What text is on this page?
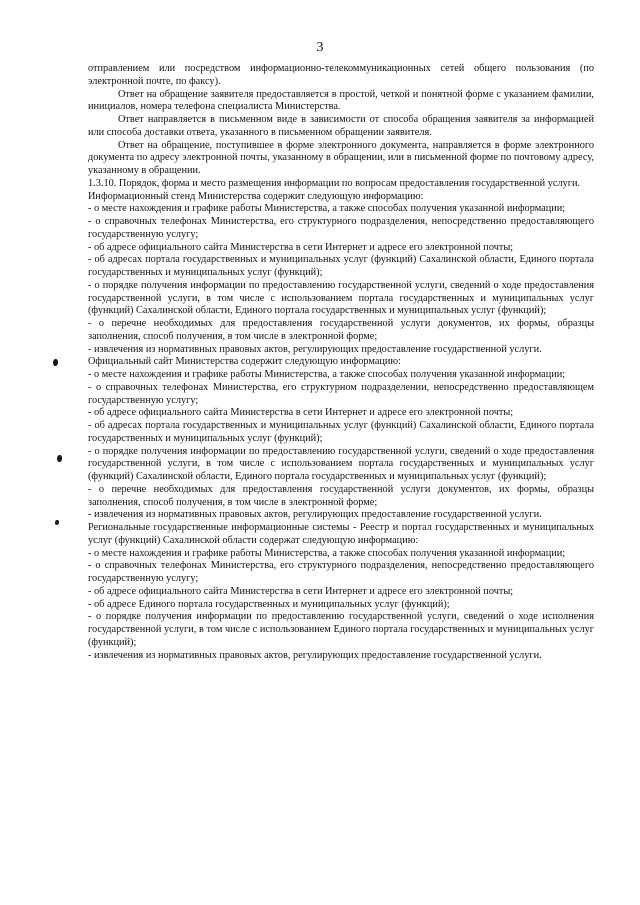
3

отправлением или посредством информационно-телекоммуникационных сетей общего пользования (по электронной почте, по факсу).

Ответ на обращение заявителя предоставляется в простой, четкой и понятной форме с указанием фамилии, инициалов, номера телефона специалиста Министерства.

Ответ направляется в письменном виде в зависимости от способа обращения заявителя за информацией или способа доставки ответа, указанного в письменном обращении заявителя.

Ответ на обращение, поступившее в форме электронного документа, направляется в форме электронного документа по адресу электронной почты, указанному в обращении, или в письменной форме по почтовому адресу, указанному в обращении.

1.3.10. Порядок, форма и место размещения информации по вопросам предоставления государственной услуги.

Информационный стенд Министерства содержит следующую информацию:

- о месте нахождения и графике работы Министерства, а также способах получения указанной информации;

- о справочных телефонах Министерства, его структурного подразделения, непосредственно предоставляющего государственную услугу;

- об адресе официального сайта Министерства в сети Интернет и адресе его электронной почты;

- об адресах портала государственных и муниципальных услуг (функций) Сахалинской области, Единого портала государственных и муниципальных услуг (функций);

- о порядке получения информации по предоставлению государственной услуги, сведений о ходе предоставления государственной услуги, в том числе с использованием портала государственных и муниципальных услуг (функций) Сахалинской области, Единого портала государственных и муниципальных услуг (функций);

- о перечне необходимых для предоставления государственной услуги документов, их формы, образцы заполнения, способ получения, в том числе в электронной форме;

- извлечения из нормативных правовых актов, регулирующих предоставление государственной услуги.

Официальный сайт Министерства содержит следующую информацию:

- о месте нахождения и графике работы Министерства, а также способах получения указанной информации;

- о справочных телефонах Министерства, его структурном подразделении, непосредственно предоставляющем государственную услугу;

- об адресе официального сайта Министерства в сети Интернет и адресе его электронной почты;

- об адресах портала государственных и муниципальных услуг (функций) Сахалинской области, Единого портала государственных и муниципальных услуг (функций);

- о порядке получения информации по предоставлению государственной услуги, сведений о ходе предоставления государственной услуги, в том числе с использованием портала государственных и муниципальных услуг (функций) Сахалинской области, Единого портала государственных и муниципальных услуг (функций);

- о перечне необходимых для предоставления государственной услуги документов, их формы, образцы заполнения, способ получения, в том числе в электронной форме;

- извлечения из нормативных правовых актов, регулирующих предоставление государственной услуги.

Региональные государственные информационные системы - Реестр и портал государственных и муниципальных услуг (функций) Сахалинской области содержат следующую информацию:

- о месте нахождения и графике работы Министерства, а также способах получения указанной информации;

- о справочных телефонах Министерства, его структурного подразделения, непосредственно предоставляющего государственную услугу;

- об адресе официального сайта Министерства в сети Интернет и адресе его электронной почты;

- об адресе Единого портала государственных и муниципальных услуг (функций);

- о порядке получения информации по предоставлению государственной услуги, сведений о ходе исполнения государственной услуги, в том числе с использованием Единого портала государственных и муниципальных услуг (функций);

- извлечения из нормативных правовых актов, регулирующих предоставление государственной услуги.
